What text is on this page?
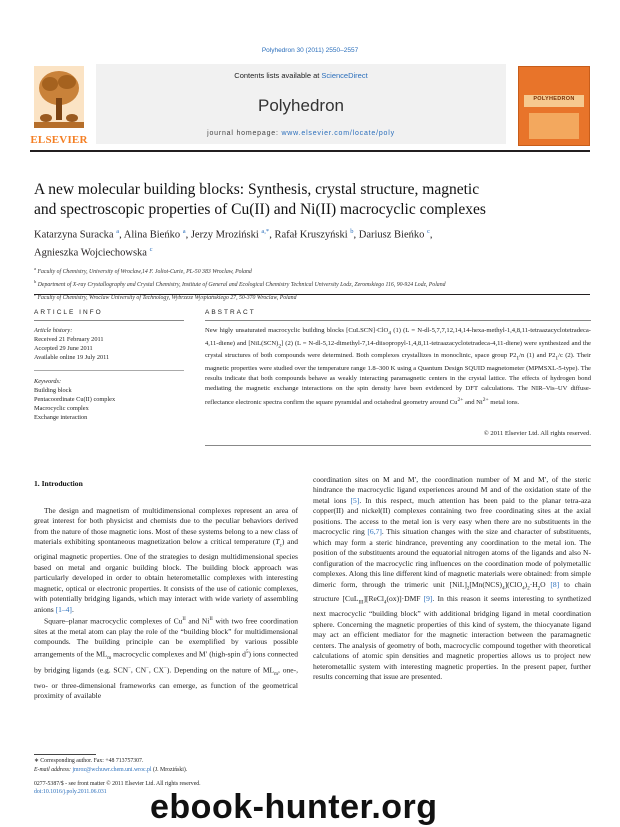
Polyhedron 30 (2011) 2550–2557
ELSEVIER
Contents lists available at ScienceDirect
Polyhedron
journal homepage: www.elsevier.com/locate/poly
POLYHEDRON
A new molecular building blocks: Synthesis, crystal structure, magnetic
and spectroscopic properties of Cu(II) and Ni(II) macrocyclic complexes
Katarzyna Suracka $^a$, Alina Bieńko $^a$, Jerzy Mroziński $^{a,*}$, Rafał Kruszyński $^b$, Dariusz Bieńko $^c$,
Agnieszka Wojciechowska $^c$
$^a$ Faculty of Chemistry, University of Wroclaw,14 F. Joliot-Curie, PL-50 383 Wroclaw, Poland
$^b$ Department of X-ray Crystallography and Crystal Chemistry, Institute of General and Ecological Chemistry Technical University Lodz, Zeromskiego 116, 90-924 Lodz, Poland
Faculty of Chemistry, Wroclaw University of Technology, Wybrzeze Wyspiańskiego 27, 50-370 Wroclaw, Poland
ARTICLE INFO
Article history:
Received 21 February 2011
Accepted 29 June 2011
Available online 19 July 2011
Keywords:
Building block
Pentacoordinate Cu(II) complex
Macrocyclic complex
Exchange interaction
ABSTRACT
New higly unsaturated macrocyclic building blocks [CuLSCN]·ClO$_4$ (1) (L = N-dl-5,7,7,12,14,14-hexa-methyl-1,4,8,11-tetraazacyclotetradeca-4,11-diene) and $[NiL(SCN)_2]$ (2) (L = N-dl-5,12-dimethyl-7,14-diisopropyl-1,4,8,11-tetraazacyclotetradeca-4,11-diene) were synthesized and the crystal structures of both compounds were determined. Both complexes crystallizes in monoclinic, space group $P2_1/n$ (1) and $P2_1/c$ (2). Their magnetic properties were studied over the temperature range 1.8–300 K using a Quantum Design SQUID magnetometer (MPMSXL-5-type). The results indicate that both compounds behave as weakly interacting paramagnetic centers in the crystal lattice. The effects of hydrogen bond mediating the magnetic exchange interactions on the spin density have been evidenced by DFT calculations. The NIR–Vis–UV diffuse-reflectance electronic spectra confirm the square pyramidal and octahedral geometry around $Cu^{2+}$ and $Ni^{2+}$ metal ions.
© 2011 Elsevier Ltd. All rights reserved.
1. Introduction

The design and magnetism of multidimensional complexes represent an area of great interest for both physicist and chemists due to the peculiar behaviors derived from the nature of those magnetic ions. Most of these systems belong to a new class of materials exhibiting spontaneous magnetization below a critical temperature $(T_c)$ and original magnetic properties. One of the strategies to design multidimensional species based on metal and organic building block. The building block approach was particularly developed in order to obtain heterometallic complexes with interesting magnetic, optical or electronic properties. It consists of the use of cationic complexes, with potentially bridging ligands, which may interact with wide variety of assembling anions [1–4].

Square–planar macrocyclic complexes of $Cu^{II}$ and $Ni^{II}$ with two free coordination sites at the metal atom can play the role of the “building block” for multidimensional compounds. The building principle can be exemplified by various possible arrangements of the $ML_m$ macrocyclic complexes and M′ (high-spin $d^5$) ions connected by bridging ligands (e.g. SCN−, CN−, CX−). Depending on the nature of $ML_m$, one-, two- or three-dimensional frameworks can emerge, as function of the geometrical proximity of available

coordination sites on M and M′, the coordination number of M and M′, of the steric hindrance the macrocyclic ligand experiences around M and of the oxidation state of the metal ions [5]. In this respect, much attention has been paid to the planar tetra-aza copper(II) and nickel(II) complexes containing two free coordinating sites at the axial positions. The access to the metal ion is very easy when there are no substituents in the macrocyclic ring [6,7]. This situation changes with the size and character of substituents, which may form a steric hindrance, preventing any coordination to the metal ion. The position of the substituents around the equatorial nitrogen atoms of the ligands and also N-configuration of the macrocyclic ring influences on the coordination mode of polymetallic complexes. Along this line different kind of magnetic materials were obtained: from simple dimeric form, through the trimeric unit $[NiL]_2[Mn(NCS)_4](ClO_4)_2\cdot H_2O$ [8] to chain structure [CuL$_{III}$][ReCl$_4$(ox)]·DMF [9]. In this reason it seems interesting to synthetized next macrocyclic “building block” with additional bridging ligand in metal coordination sphere. Concerning the magnetic properties of this kind of system, the thiocyanate ligand may act an efficient mediator for the magnetic interaction between the paramagnetic centers. The analysis of geometry of both, macrocyclic compound together with theoretical calculations of atomic spin densities and magnetic properties allows us to project new heterometallic system with interesting magnetic properties. In the present paper, further results concerning that issue are presented.
∗ Corresponding author. Fax: +48 713757307.
E-mail address: jmroz@wchuwr.chem.uni.wroc.pl (J. Mroziński).
0277-5387/$ - see front matter © 2011 Elsevier Ltd. All rights reserved.
doi:10.1016/j.poly.2011.06.031	ebook-hunter.org
